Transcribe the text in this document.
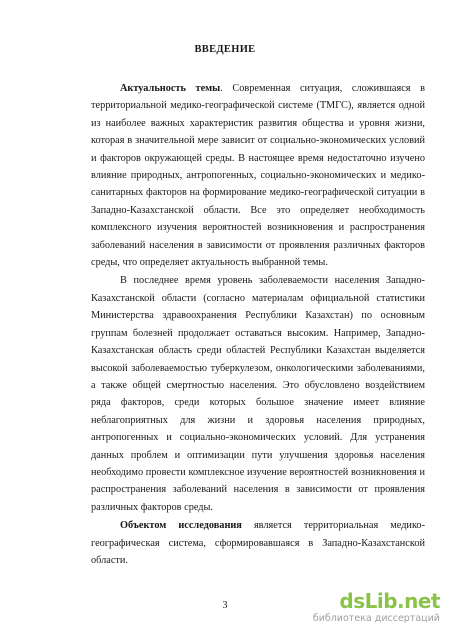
ВВЕДЕНИЕ

Актуальность темы. Современная ситуация, сложившаяся в территориальной медико-географической системе (ТМГС), является одной из наиболее важных характеристик развития общества и уровня жизни, которая в значительной мере зависит от социально-экономических условий и факторов окружающей среды. В настоящее время недостаточно изучено влияние природных, антропогенных, социально-экономических и медико-санитарных факторов на формирование медико-географической ситуации в Западно-Казахстанской области. Все это определяет необходимость комплексного изучения вероятностей возникновения и распространения заболеваний населения в зависимости от проявления различных факторов среды, что определяет актуальность выбранной темы.

В последнее время уровень заболеваемости населения Западно-Казахстанской области (согласно материалам официальной статистики Министерства здравоохранения Республики Казахстан) по основным группам болезней продолжает оставаться высоким. Например, Западно-Казахстанская область среди областей Республики Казахстан выделяется высокой заболеваемостью туберкулезом, онкологическими заболеваниями, а также общей смертностью населения. Это обусловлено воздействием ряда факторов, среди которых большое значение имеет влияние неблагоприятных для жизни и здоровья населения природных, антропогенных и социально-экономических условий. Для устранения данных проблем и оптимизации пути улучшения здоровья населения необходимо провести комплексное изучение вероятностей возникновения и распространения заболеваний населения в зависимости от проявления различных факторов среды.

Объектом исследования является территориальная медико-географическая система, сформировавшаяся в Западно-Казахстанской области.

3	dsLib.net
библиотека диссертаций
